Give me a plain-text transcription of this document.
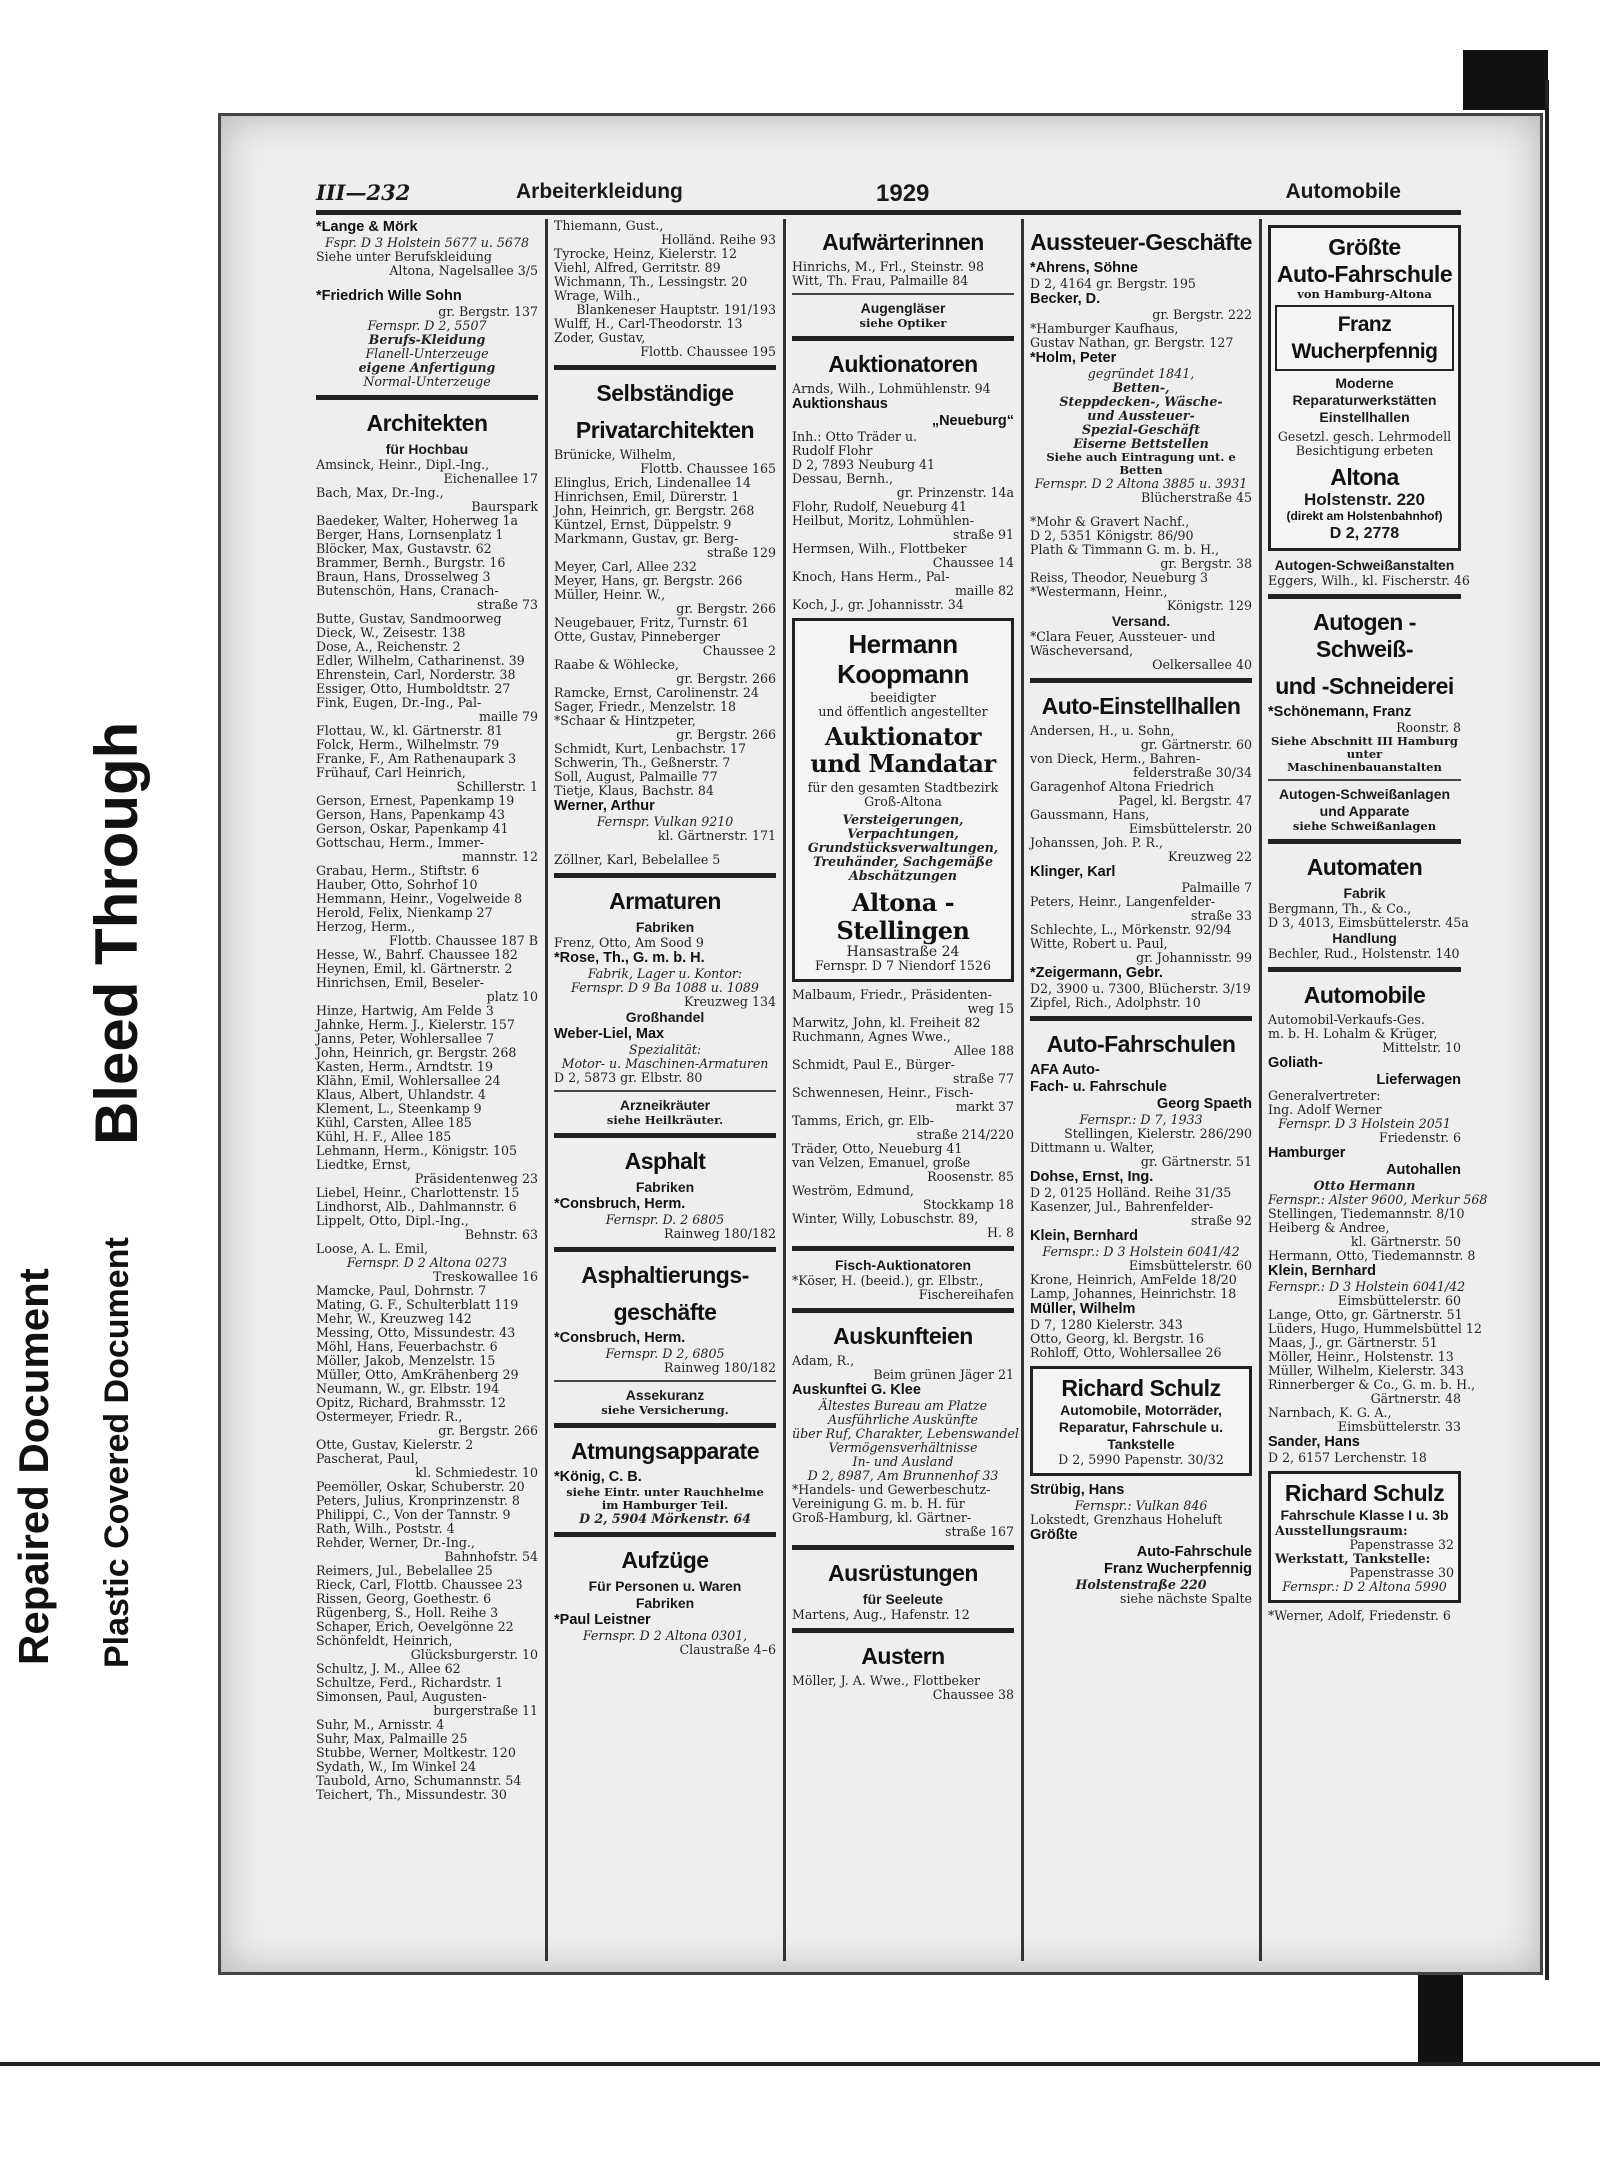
Bleed Through
Repaired Document Plastic Covered Document
III—232	Arbeiterkleidung	1929	Automobile
*Lange & Mörk
Fspr. D 3 Holstein 5677 u. 5678
Siehe unter Berufskleidung
Altona, Nagelsallee 3/5
*Friedrich Wille Sohn
gr. Bergstr. 137
Fernspr. D 2, 5507
Berufs-Kleidung
Flanell-Unterzeuge
eigene Anfertigung
Normal-Unterzeuge
Architekten
für Hochbau
Amsinck, Heinr., Dipl.-Ing.,
Eichenallee 17
Bach, Max, Dr.-Ing.,
Baurspark
Baedeker, Walter, Hoherweg 1a
Berger, Hans, Lornsenplatz 1
Blöcker, Max, Gustavstr. 62
Brammer, Bernh., Burgstr. 16
Braun, Hans, Drosselweg 3
Butenschön, Hans, Cranach-
straße 73
Butte, Gustav, Sandmoorweg
Dieck, W., Zeisestr. 138
Dose, A., Reichenstr. 2
Edler, Wilhelm, Catharinenst. 39
Ehrenstein, Carl, Norderstr. 38
Essiger, Otto, Humboldtstr. 27
Fink, Eugen, Dr.-Ing., Pal-
maille 79
Flottau, W., kl. Gärtnerstr. 81
Folck, Herm., Wilhelmstr. 79
Franke, F., Am Rathenaupark 3
Frühauf, Carl Heinrich,
Schillerstr. 1
Gerson, Ernest, Papenkamp 19
Gerson, Hans, Papenkamp 43
Gerson, Oskar, Papenkamp 41
Gottschau, Herm., Immer-
mannstr. 12
Grabau, Herm., Stiftstr. 6
Hauber, Otto, Sohrhof 10
Hemmann, Heinr., Vogelweide 8
Herold, Felix, Nienkamp 27
Herzog, Herm.,
Flottb. Chaussee 187 B
Hesse, W., Bahrf. Chaussee 182
Heynen, Emil, kl. Gärtnerstr. 2
Hinrichsen, Emil, Beseler-
platz 10
Hinze, Hartwig, Am Felde 3
Jahnke, Herm. J., Kielerstr. 157
Janns, Peter, Wohlersallee 7
John, Heinrich, gr. Bergstr. 268
Kasten, Herm., Arndtstr. 19
Klähn, Emil, Wohlersallee 24
Klaus, Albert, Uhlandstr. 4
Klement, L., Steenkamp 9
Kühl, Carsten, Allee 185
Kühl, H. F., Allee 185
Lehmann, Herm., Königstr. 105
Liedtke, Ernst,
Präsidentenweg 23
Liebel, Heinr., Charlottenstr. 15
Lindhorst, Alb., Dahlmannstr. 6
Lippelt, Otto, Dipl.-Ing.,
Behnstr. 63
Loose, A. L. Emil,
Fernspr. D 2 Altona 0273
Treskowallee 16
Mamcke, Paul, Dohrnstr. 7
Mating, G. F., Schulterblatt 119
Mehr, W., Kreuzweg 142
Messing, Otto, Missundestr. 43
Möhl, Hans, Feuerbachstr. 6
Möller, Jakob, Menzelstr. 15
Müller, Otto, AmKrähenberg 29
Neumann, W., gr. Elbstr. 194
Opitz, Richard, Brahmsstr. 12
Ostermeyer, Friedr. R.,
gr. Bergstr. 266
Otte, Gustav, Kielerstr. 2
Pascherat, Paul,
kl. Schmiedestr. 10
Peemöller, Oskar, Schuberstr. 20
Peters, Julius, Kronprinzenstr. 8
Philippi, C., Von der Tannstr. 9
Rath, Wilh., Poststr. 4
Rehder, Werner, Dr.-Ing.,
Bahnhofstr. 54
Reimers, Jul., Bebelallee 25
Rieck, Carl, Flottb. Chaussee 23
Rissen, Georg, Goethestr. 6
Rügenberg, S., Holl. Reihe 3
Schaper, Erich, Oevelgönne 22
Schönfeldt, Heinrich,
Glücksburgerstr. 10
Schultz, J. M., Allee 62
Schultze, Ferd., Richardstr. 1
Simonsen, Paul, Augusten-
burgerstraße 11
Suhr, M., Arnisstr. 4
Suhr, Max, Palmaille 25
Stubbe, Werner, Moltkestr. 120
Sydath, W., Im Winkel 24
Taubold, Arno, Schumannstr. 54
Teichert, Th., Missundestr. 30
Thiemann, Gust.,
Holländ. Reihe 93
Tyrocke, Heinz, Kielerstr. 12
Viehl, Alfred, Gerritstr. 89
Wichmann, Th., Lessingstr. 20
Wrage, Wilh.,
Blankeneser Hauptstr. 191/193
Wulff, H., Carl-Theodorstr. 13
Zoder, Gustav,
Flottb. Chaussee 195
Selbständige
Privatarchitekten
Brünicke, Wilhelm,
Flottb. Chaussee 165
Elinglus, Erich, Lindenallee 14
Hinrichsen, Emil, Dürerstr. 1
John, Heinrich, gr. Bergstr. 268
Küntzel, Ernst, Düppelstr. 9
Markmann, Gustav, gr. Berg-
straße 129
Meyer, Carl, Allee 232
Meyer, Hans, gr. Bergstr. 266
Müller, Heinr. W.,
gr. Bergstr. 266
Neugebauer, Fritz, Turnstr. 61
Otte, Gustav, Pinneberger
Chaussee 2
Raabe & Wöhlecke,
gr. Bergstr. 266
Ramcke, Ernst, Carolinenstr. 24
Sager, Friedr., Menzelstr. 18
*Schaar & Hintzpeter,
gr. Bergstr. 266
Schmidt, Kurt, Lenbachstr. 17
Schwerin, Th., Geßnerstr. 7
Soll, August, Palmaille 77
Tietje, Klaus, Bachstr. 84
Werner, Arthur
Fernspr. Vulkan 9210
kl. Gärtnerstr. 171
Zöllner, Karl, Bebelallee 5
Armaturen
Fabriken
Frenz, Otto, Am Sood 9
*Rose, Th., G. m. b. H.
Fabrik, Lager u. Kontor:
Fernspr. D 9 Ba 1088 u. 1089
Kreuzweg 134
Großhandel
Weber-Liel, Max
Spezialität:
Motor- u. Maschinen-Armaturen
D 2, 5873 gr. Elbstr. 80
Arzneikräuter
siehe Heilkräuter.
Asphalt
Fabriken
*Consbruch, Herm.
Fernspr. D. 2 6805
Rainweg 180/182
Asphaltierungs-
geschäfte
*Consbruch, Herm.
Fernspr. D 2, 6805
Rainweg 180/182
Assekuranz
siehe Versicherung.
Atmungsapparate
*König, C. B.
siehe Eintr. unter Rauchhelme
im Hamburger Teil.
D 2, 5904 Mörkenstr. 64
Aufzüge
Für Personen u. Waren
Fabriken
*Paul Leistner
Fernspr. D 2 Altona 0301,
Claustraße 4–6
Aufwärterinnen
Hinrichs, M., Frl., Steinstr. 98
Witt, Th. Frau, Palmaille 84
Augengläser
siehe Optiker
Auktionatoren
Arnds, Wilh., Lohmühlenstr. 94
Auktionshaus
„Neueburg“
Inh.: Otto Träder u.
Rudolf Flohr
D 2, 7893 Neuburg 41
Dessau, Bernh.,
gr. Prinzenstr. 14a
Flohr, Rudolf, Neueburg 41
Heilbut, Moritz, Lohmühlen-
straße 91
Hermsen, Wilh., Flottbeker
Chaussee 14
Knoch, Hans Herm., Pal-
maille 82
Koch, J., gr. Johannisstr. 34
Hermann Koopmann
beeidigter
und öffentlich angestellter
Auktionator
und Mandatar
für den gesamten Stadtbezirk
Groß-Altona
Versteigerungen, Verpachtungen, Grundstücksverwaltungen, Treuhänder, Sachgemäße Abschätzungen
Altona - Stellingen
Hansastraße 24
Fernspr. D 7 Niendorf 1526
Malbaum, Friedr., Präsidenten-
weg 15
Marwitz, John, kl. Freiheit 82
Ruchmann, Agnes Wwe.,
Allee 188
Schmidt, Paul E., Bürger-
straße 77
Schwennesen, Heinr., Fisch-
markt 37
Tamms, Erich, gr. Elb-
straße 214/220
Träder, Otto, Neueburg 41
van Velzen, Emanuel, große
Roosenstr. 85
Weström, Edmund,
Stockkamp 18
Winter, Willy, Lobuschstr. 89,
H. 8
Fisch-Auktionatoren
*Köser, H. (beeid.), gr. Elbstr.,
Fischereihafen
Auskunfteien
Adam, R.,
Beim grünen Jäger 21
Auskunftei G. Klee
Ältestes Bureau am Platze
Ausführliche Auskünfte
über Ruf, Charakter, Lebenswandel
Vermögensverhältnisse
In- und Ausland
D 2, 8987, Am Brunnenhof 33
*Handels- und Gewerbeschutz-
Vereinigung G. m. b. H. für
Groß-Hamburg, kl. Gärtner-
straße 167
Ausrüstungen
für Seeleute
Martens, Aug., Hafenstr. 12
Austern
Möller, J. A. Wwe., Flottbeker
Chaussee 38
Aussteuer-Geschäfte
*Ahrens, Söhne
D 2, 4164 gr. Bergstr. 195
Becker, D.
gr. Bergstr. 222
*Hamburger Kaufhaus,
Gustav Nathan, gr. Bergstr. 127
*Holm, Peter
gegründet 1841,
Betten-,
Steppdecken-, Wäsche-
und Aussteuer-
Spezial-Geschäft
Eiserne Bettstellen
Siehe auch Eintragung unt. e
Betten
Fernspr. D 2 Altona 3885 u. 3931
Blücherstraße 45
*Mohr & Gravert Nachf.,
D 2, 5351 Königstr. 86/90
Plath & Timmann G. m. b. H.,
gr. Bergstr. 38
Reiss, Theodor, Neueburg 3
*Westermann, Heinr.,
Königstr. 129
Versand.
*Clara Feuer, Aussteuer- und
Wäscheversand,
Oelkersallee 40
Auto-Einstellhallen
Andersen, H., u. Sohn,
gr. Gärtnerstr. 60
von Dieck, Herm., Bahren-
felderstraße 30/34
Garagenhof Altona Friedrich
Pagel, kl. Bergstr. 47
Gaussmann, Hans,
Eimsbüttelerstr. 20
Johanssen, Joh. P. R.,
Kreuzweg 22
Klinger, Karl
Palmaille 7
Peters, Heinr., Langenfelder-
straße 33
Schlechte, L., Mörkenstr. 92/94
Witte, Robert u. Paul,
gr. Johannisstr. 99
*Zeigermann, Gebr.
D2, 3900 u. 7300, Blücherstr. 3/19
Zipfel, Rich., Adolphstr. 10
Auto-Fahrschulen
AFA Auto-
Fach- u. Fahrschule
Georg Spaeth
Fernspr.: D 7, 1933
Stellingen, Kielerstr. 286/290
Dittmann u. Walter,
gr. Gärtnerstr. 51
Dohse, Ernst, Ing.
D 2, 0125 Holländ. Reihe 31/35
Kasenzer, Jul., Bahrenfelder-
straße 92
Klein, Bernhard
Fernspr.: D 3 Holstein 6041/42
Eimsbüttelerstr. 60
Krone, Heinrich, AmFelde 18/20
Lamp, Johannes, Heinrichstr. 18
Müller, Wilhelm
D 7, 1280 Kielerstr. 343
Otto, Georg, kl. Bergstr. 16
Rohloff, Otto, Wohlersallee 26
Richard Schulz
Automobile, Motorräder,
Reparatur, Fahrschule u.
Tankstelle
D 2, 5990 Papenstr. 30/32
Strübig, Hans
Fernspr.: Vulkan 846
Lokstedt, Grenzhaus Hoheluft
Größte
Auto-Fahrschule
Franz Wucherpfennig
Holstenstraße 220
siehe nächste Spalte
Größte
Auto-Fahrschule
von Hamburg-Altona
Franz Wucherpfennig
Moderne
Reparaturwerkstätten
Einstellhallen
Gesetzl. gesch. Lehrmodell
Besichtigung erbeten
Altona
Holstenstr. 220
(direkt am Holstenbahnhof)
D 2, 2778
Autogen-Schweißanstalten
Eggers, Wilh., kl. Fischerstr. 46
Autogen - Schweiß-
und -Schneiderei
*Schönemann, Franz
Roonstr. 8
Siehe Abschnitt III Hamburg
unter Maschinenbauanstalten
Autogen-Schweißanlagen
und Apparate
siehe Schweißanlagen
Automaten
Fabrik
Bergmann, Th., & Co.,
D 3, 4013, Eimsbüttelerstr. 45a
Handlung
Bechler, Rud., Holstenstr. 140
Automobile
Automobil-Verkaufs-Ges.
m. b. H. Lohalm & Krüger,
Mittelstr. 10
Goliath-
Lieferwagen
Generalvertreter:
Ing. Adolf Werner
Fernspr. D 3 Holstein 2051
Friedenstr. 6
Hamburger
Autohallen
Otto Hermann
Fernspr.: Alster 9600, Merkur 568
Stellingen, Tiedemannstr. 8/10
Heiberg & Andree,
kl. Gärtnerstr. 50
Hermann, Otto, Tiedemannstr. 8
Klein, Bernhard
Fernspr.: D 3 Holstein 6041/42
Eimsbüttelerstr. 60
Lange, Otto, gr. Gärtnerstr. 51
Lüders, Hugo, Hummelsbüttel 12
Maas, J., gr. Gärtnerstr. 51
Möller, Heinr., Holstenstr. 13
Müller, Wilhelm, Kielerstr. 343
Rinnerberger & Co., G. m. b. H.,
Gärtnerstr. 48
Narnbach, K. G. A.,
Eimsbüttelerstr. 33
Sander, Hans
D 2, 6157 Lerchenstr. 18
Richard Schulz
Fahrschule Klasse I u. 3b
Ausstellungsraum:
Papenstrasse 32
Werkstatt, Tankstelle:
Papenstrasse 30
Fernspr.: D 2 Altona 5990
*Werner, Adolf, Friedenstr. 6
